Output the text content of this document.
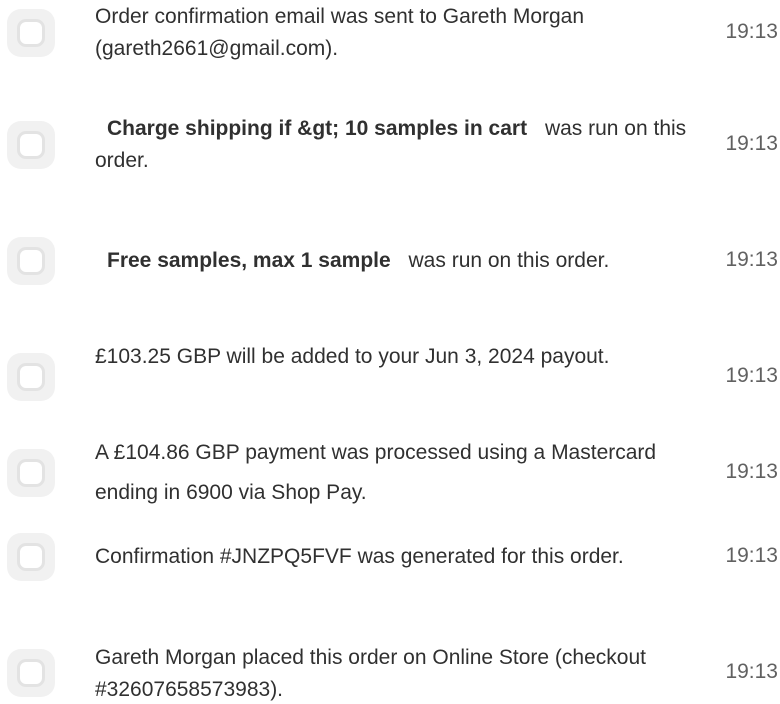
Order confirmation email was sent to Gareth Morgan (gareth2661@gmail.com).
19:13
Charge shipping if &gt; 10 samples in cart was run on this order.
19:13
Free samples, max 1 sample was run on this order.	19:13
£103.25 GBP will be added to your Jun 3, 2024 payout.
19:13
A £104.86 GBP payment was processed using a Mastercard ending in 6900 via Shop Pay.
19:13
Confirmation #JNZPQ5FVF was generated for this order.	19:13
Gareth Morgan placed this order on Online Store (checkout #32607658573983).
19:13
